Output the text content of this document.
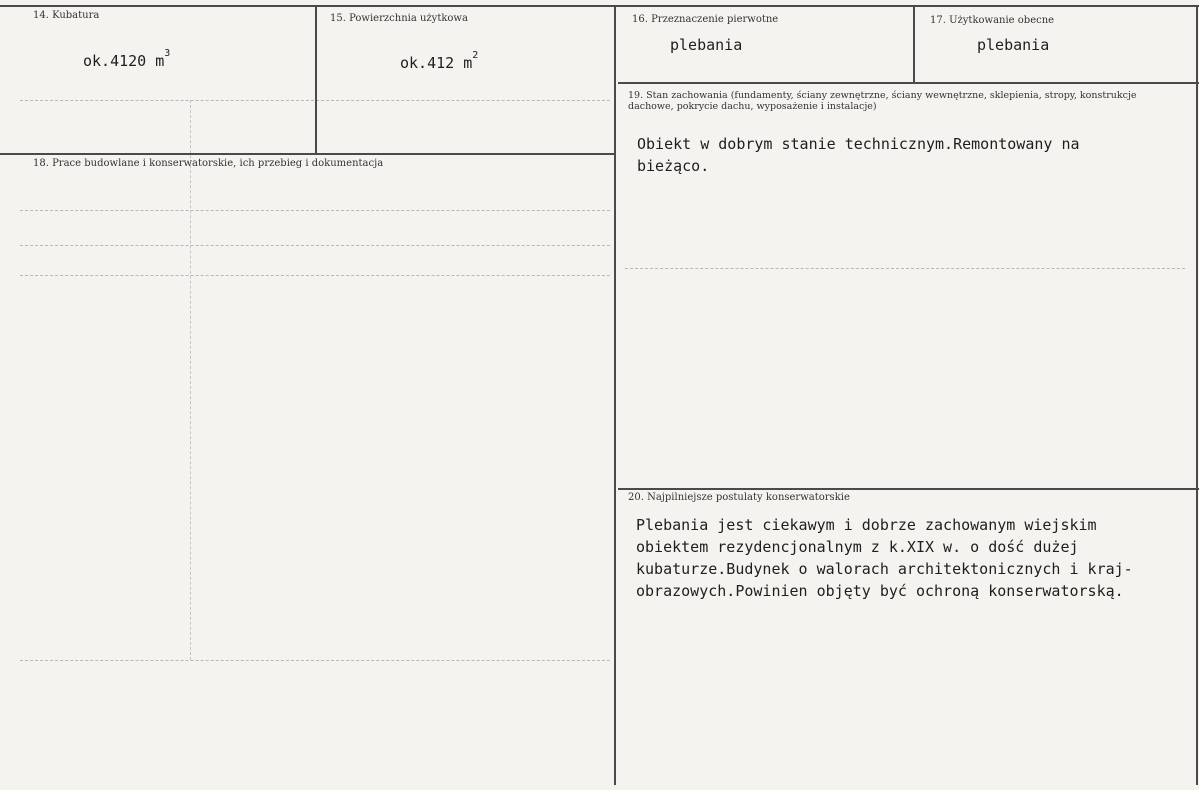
14. Kubatura
ok.4120 $m^3$
15. Powierzchnia użytkowa
ok.412 $m^2$
16. Przeznaczenie pierwotne
plebania
17. Użytkowanie obecne
plebania
18. Prace budowlane i konserwatorskie, ich przebieg i dokumentacja
19. Stan zachowania (fundamenty, ściany zewnętrzne, ściany wewnętrzne, sklepienia, stropy, konstrukcje dachowe, pokrycie dachu, wyposażenie i instalacje)
Obiekt w dobrym stanie technicznym.Remontowany na bieżąco.
20. Najpilniejsze postulaty konserwatorskie
Plebania jest ciekawym i dobrze zachowanym wiejskim
obiektem rezydencjonalnym z k.XIX w. o dość dużej
kubaturze.Budynek o walorach architektonicznych i kraj-
obrazowych.Powinien objęty być ochroną konserwatorską.
